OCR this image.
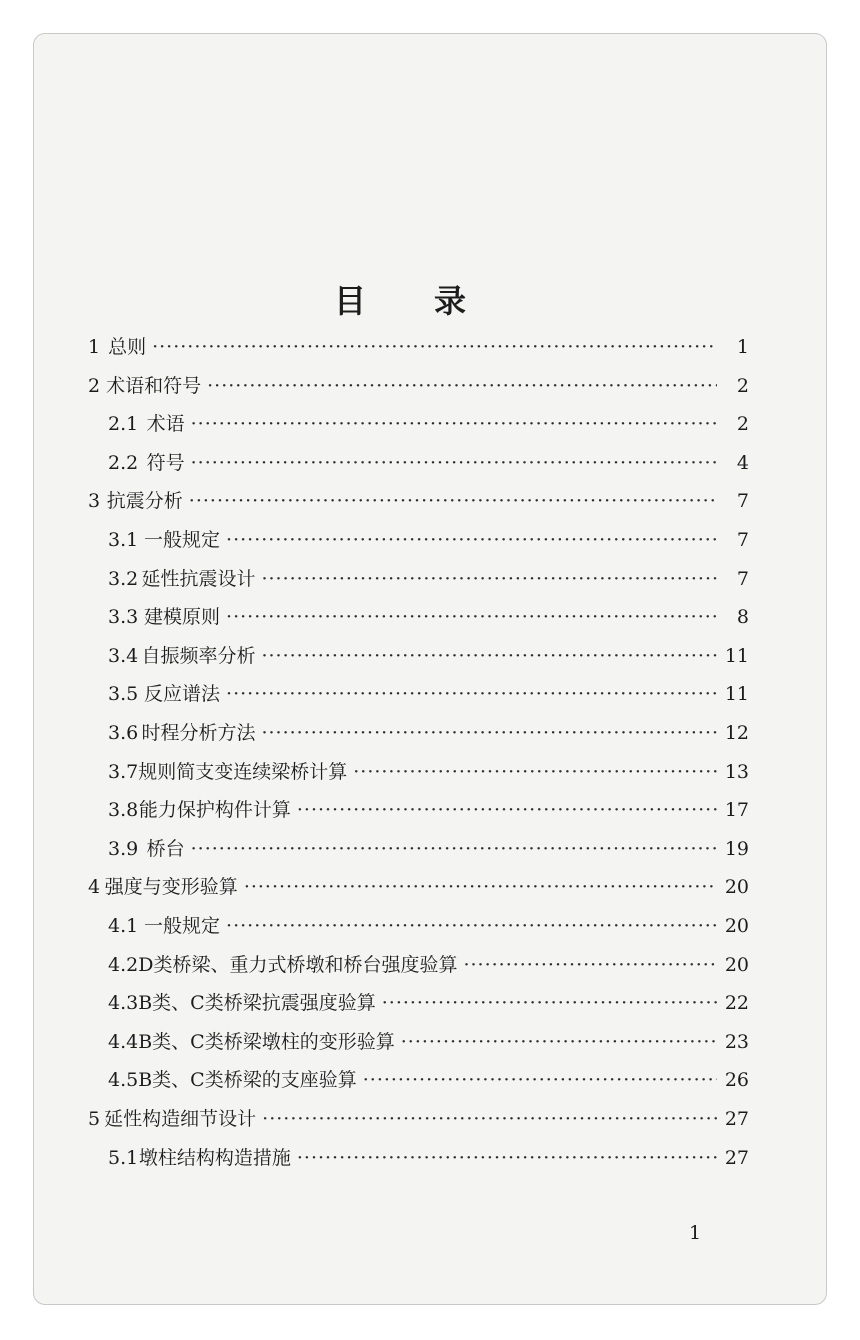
目 录
1 总则 ·····	1
2 术语和符号 ·····	2
2.1 术语 ·····	2
2.2 符号 ·····	4
3 抗震分析 ·····	7
3.1 一般规定 ·····	7
3.2 延性抗震设计 ·····	7
3.3 建模原则 ·····	8
3.4 自振频率分析 ·····	11
3.5 反应谱法 ·····	11
3.6 时程分析方法 ·····	12
3.7 规则简支变连续梁桥计算 ·····	13
3.8 能力保护构件计算 ·····	17
3.9 桥台 ·····	19
4 强度与变形验算 ·····	20
4.1 一般规定 ·····	20
4.2 D类桥梁、重力式桥墩和桥台强度验算 ·····	20
4.3 B类、C类桥梁抗震强度验算 ·····	22
4.4 B类、C类桥梁墩柱的变形验算 ·····	23
4.5 B类、C类桥梁的支座验算 ·····	26
5 延性构造细节设计 ·····	27
5.1 墩柱结构构造措施 ·····	27
1
